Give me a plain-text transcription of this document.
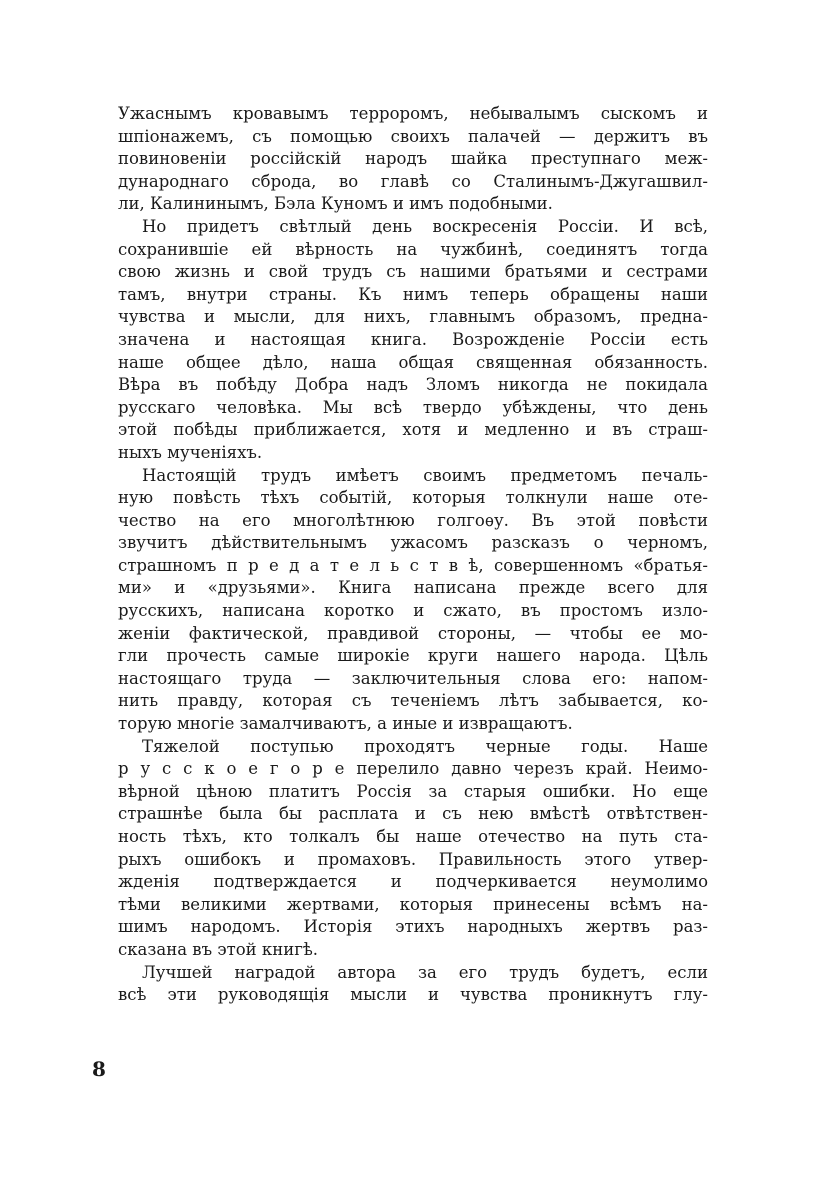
Ужаснымъ кровавымъ терроромъ, небывалымъ сыскомъ и
шпіонажемъ, съ помощью своихъ палачей — держитъ въ
повиновеніи россійскій народъ шайка преступнаго меж-
дународнаго сброда, во главѣ со Сталинымъ-Джугашвил-
ли, Калининымъ, Бэла Куномъ и имъ подобными.
Но придетъ свѣтлый день воскресенія Россіи. И всѣ,
сохранившіе ей вѣрность на чужбинѣ, соединятъ тогда
свою жизнь и свой трудъ съ нашими братьями и сестрами
тамъ, внутри страны. Къ нимъ теперь обращены наши
чувства и мысли, для нихъ, главнымъ образомъ, предна-
значена и настоящая книга. Возрожденіе Россіи есть
наше общее дѣло, наша общая священная обязанность.
Вѣра въ побѣду Добра надъ Зломъ никогда не покидала
русскаго человѣка. Мы всѣ твердо убѣждены, что день
этой побѣды приближается, хотя и медленно и въ страш-
ныхъ мученіяхъ.
Настоящій трудъ имѣетъ своимъ предметомъ печаль-
ную повѣсть тѣхъ событій, которыя толкнули наше оте-
чество на его многолѣтнюю голгоѳу. Въ этой повѣсти
звучитъ дѣйствительнымъ ужасомъ разсказъ о черномъ,
страшномъ п р е д а т е л ь с т в ѣ, совершенномъ «братья-
ми» и «друзьями». Книга написана прежде всего для
русскихъ, написана коротко и сжато, въ простомъ изло-
женіи фактической, правдивой стороны, — чтобы ее мо-
гли прочесть самые широкіе круги нашего народа. Цѣль
настоящаго труда — заключительныя слова его: напом-
нить правду, которая съ теченіемъ лѣтъ забывается, ко-
торую многіе замалчиваютъ, а иные и извращаютъ.
Тяжелой поступью проходятъ черные годы. Наше
р у с с к о е г о р е перелило давно черезъ край. Неимо-
вѣрной цѣною платитъ Россія за старыя ошибки. Но еще
страшнѣе была бы расплата и съ нею вмѣстѣ отвѣтствен-
ность тѣхъ, кто толкалъ бы наше отечество на путь ста-
рыхъ ошибокъ и промаховъ. Правильность этого утвер-
жденія подтверждается и подчеркивается неумолимо
тѣми великими жертвами, которыя принесены всѣмъ на-
шимъ народомъ. Исторія этихъ народныхъ жертвъ раз-
сказана въ этой книгѣ.
Лучшей наградой автора за его трудъ будетъ, если
всѣ эти руководящія мысли и чувства проникнутъ глу-
8
